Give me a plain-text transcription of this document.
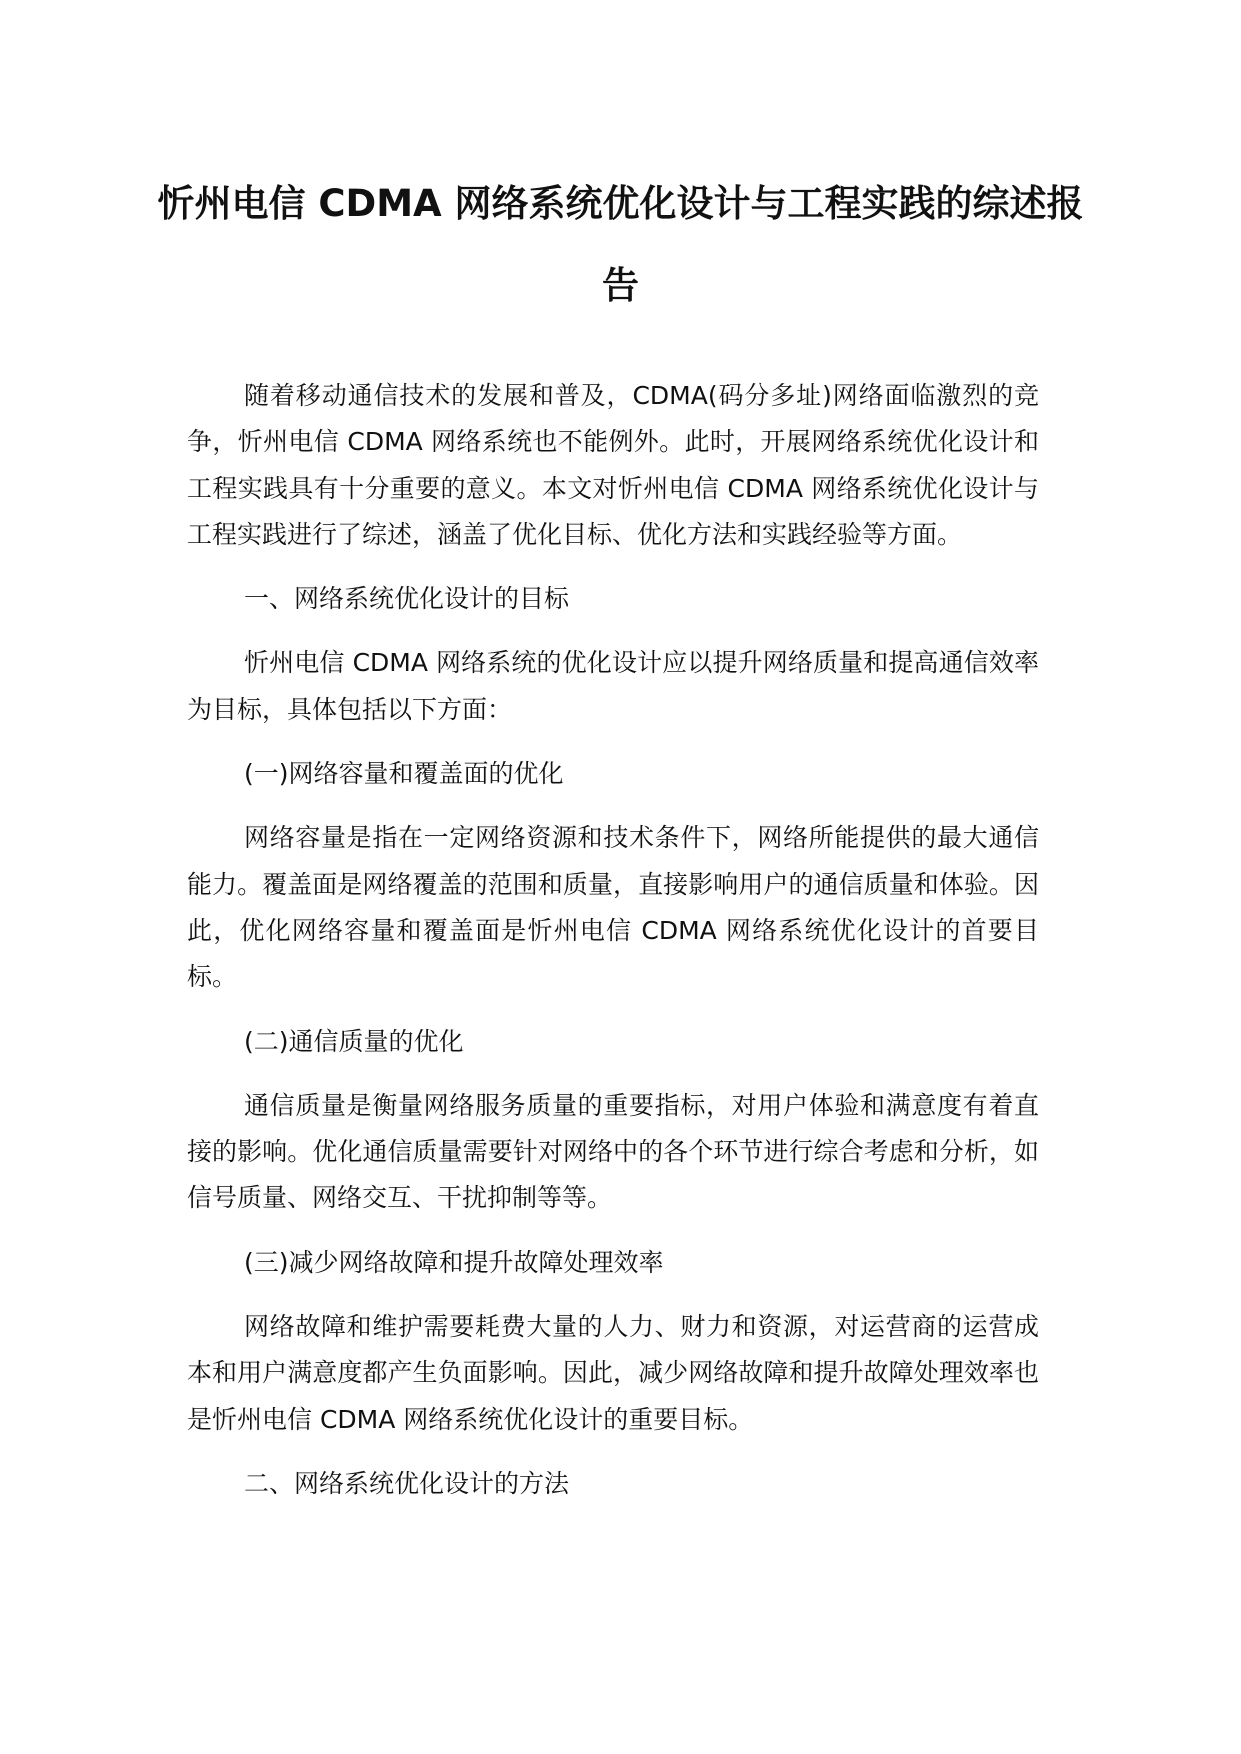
忻州电信 CDMA 网络系统优化设计与工程实践的综述报告

随着移动通信技术的发展和普及，CDMA(码分多址)网络面临激烈的竞争，忻州电信 CDMA 网络系统也不能例外。此时，开展网络系统优化设计和工程实践具有十分重要的意义。本文对忻州电信 CDMA 网络系统优化设计与工程实践进行了综述，涵盖了优化目标、优化方法和实践经验等方面。

一、网络系统优化设计的目标

忻州电信 CDMA 网络系统的优化设计应以提升网络质量和提高通信效率为目标，具体包括以下方面：

(一)网络容量和覆盖面的优化

网络容量是指在一定网络资源和技术条件下，网络所能提供的最大通信能力。覆盖面是网络覆盖的范围和质量，直接影响用户的通信质量和体验。因此，优化网络容量和覆盖面是忻州电信 CDMA 网络系统优化设计的首要目标。

(二)通信质量的优化

通信质量是衡量网络服务质量的重要指标，对用户体验和满意度有着直接的影响。优化通信质量需要针对网络中的各个环节进行综合考虑和分析，如信号质量、网络交互、干扰抑制等等。

(三)减少网络故障和提升故障处理效率

网络故障和维护需要耗费大量的人力、财力和资源，对运营商的运营成本和用户满意度都产生负面影响。因此，减少网络故障和提升故障处理效率也是忻州电信 CDMA 网络系统优化设计的重要目标。

二、网络系统优化设计的方法
